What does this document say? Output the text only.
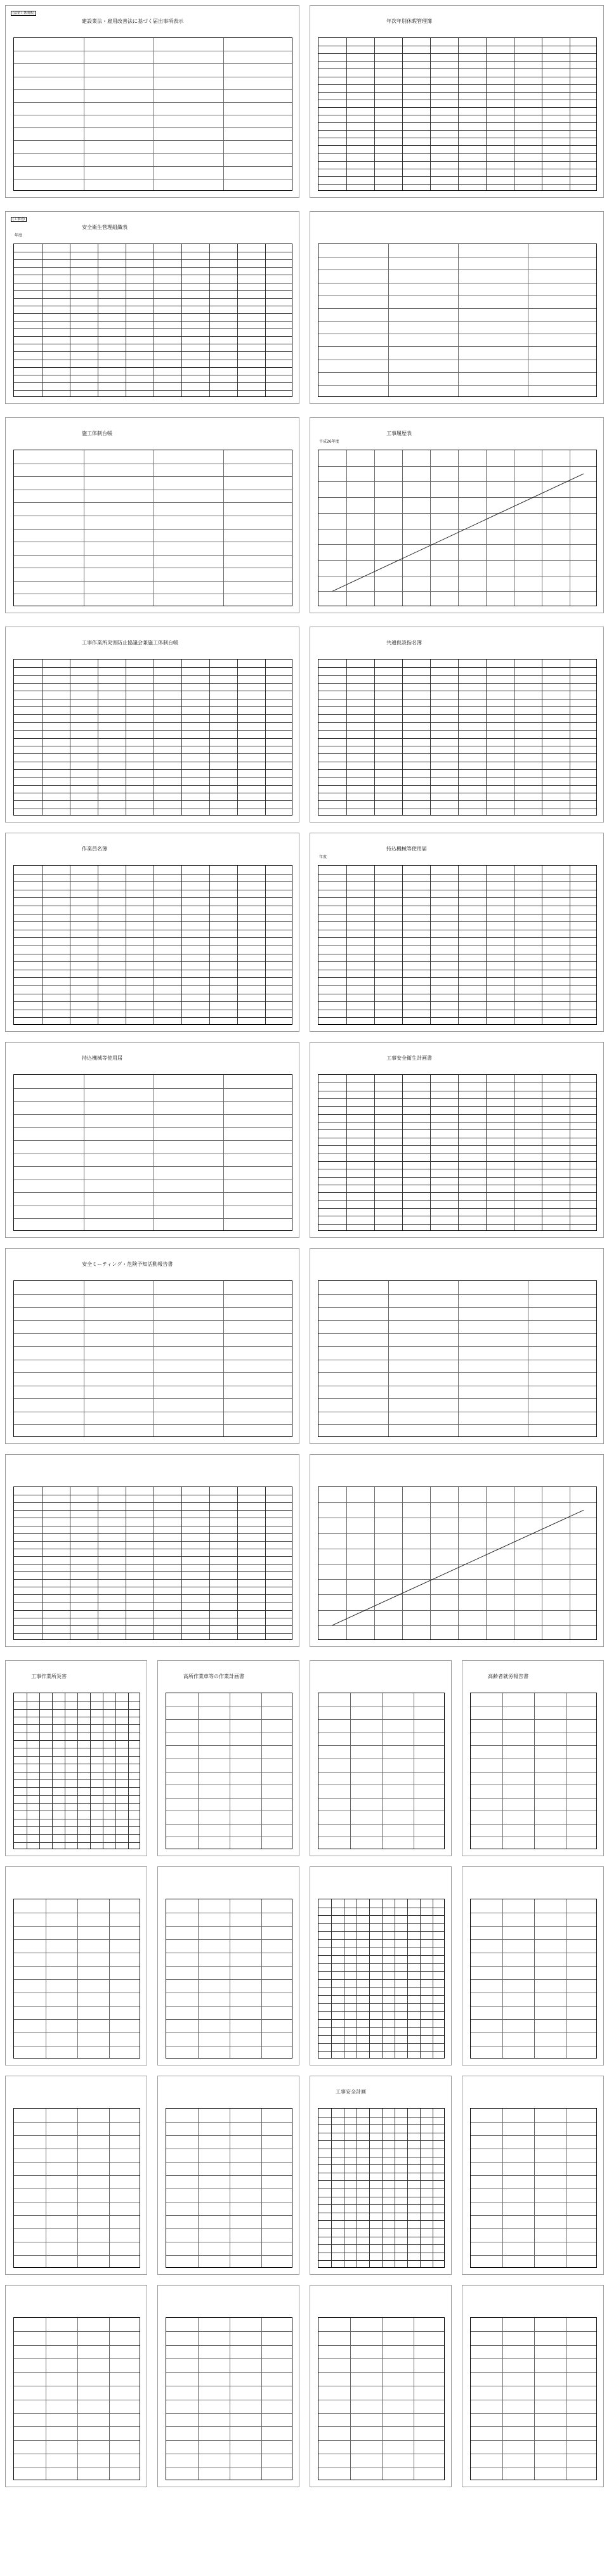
(法第１条関係)
建設業法・雇用改善法に基づく届出事項表示	年次年別休暇管理簿
(工事別)
安全衛生管理組織表
年度
施工体制台帳	工事履歴表
平成26年度
工事作業所災害防止協議会兼施工体制台帳	共通仮設指名簿
作業員名簿	持込機械等使用届
年度
持込機械等使用届	工事安全衛生計画書
安全ミーティング・危険予知活動報告書
工事作業所災害	高所作業車等の作業計画書	高齢者就労報告書
工事安全計画
